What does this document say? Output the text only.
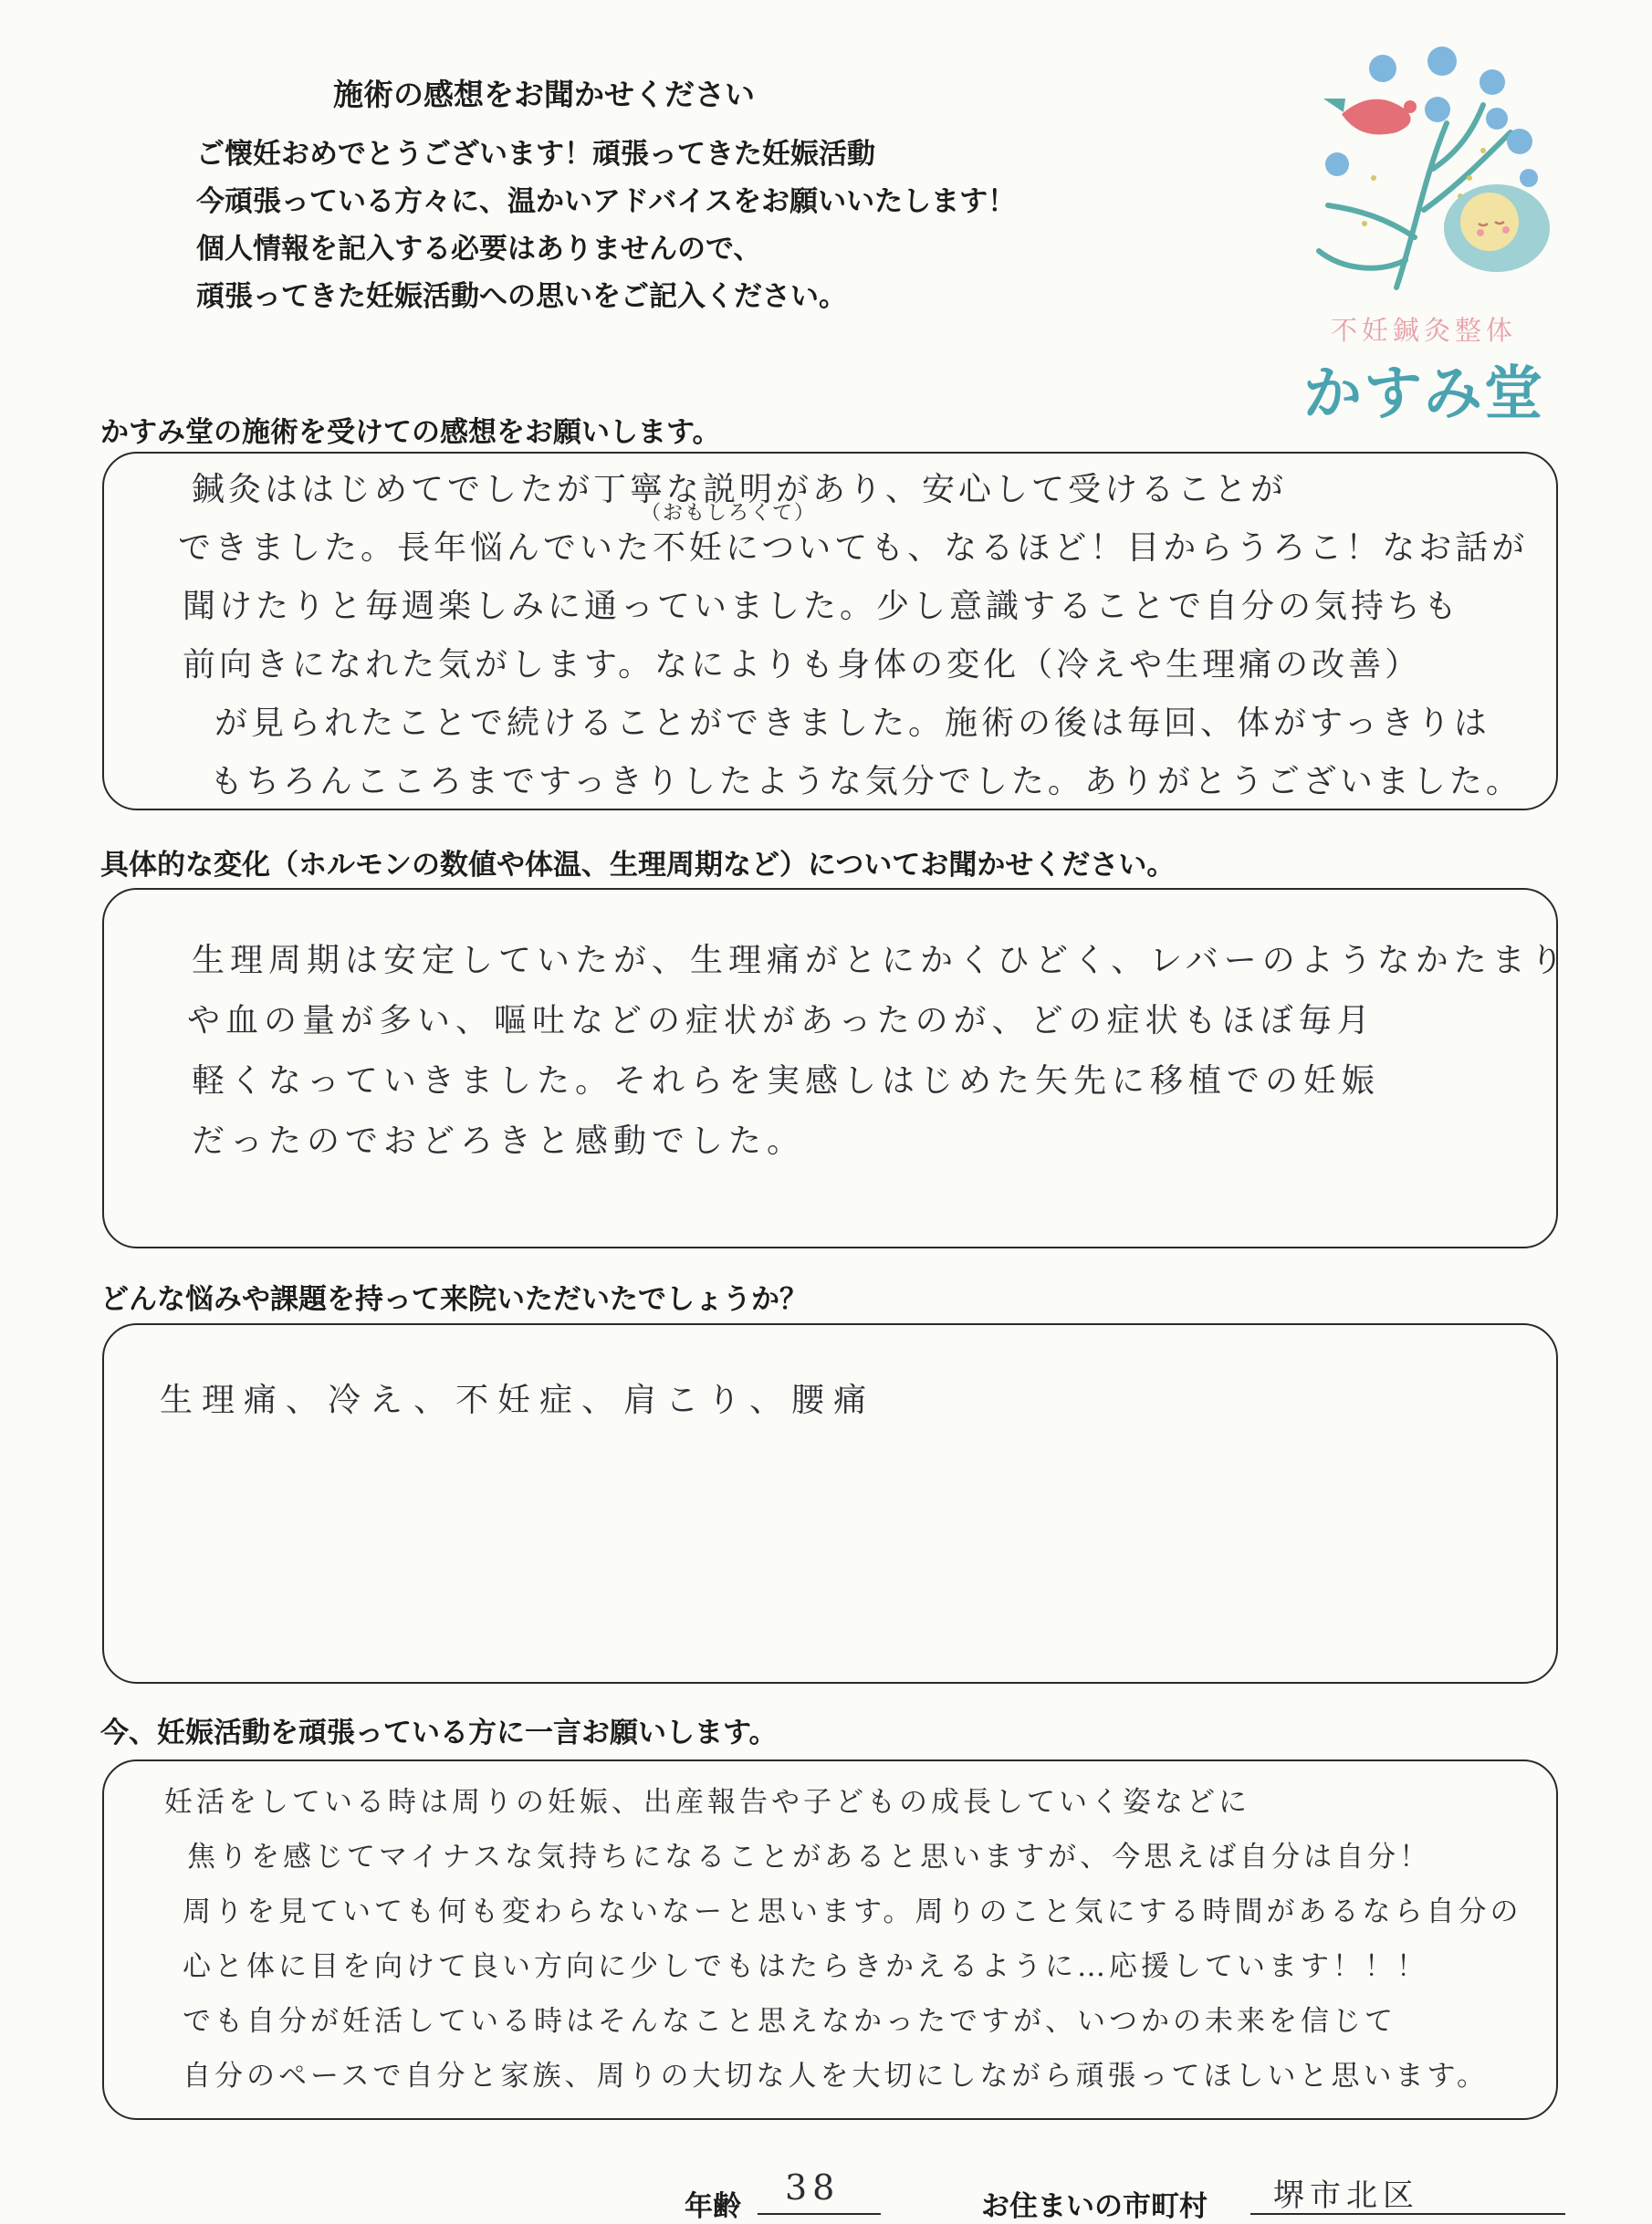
施術の感想をお聞かせください
ご懐妊おめでとうございます！頑張ってきた妊娠活動
今頑張っている方々に、温かいアドバイスをお願いいたします！
個人情報を記入する必要はありませんので、
頑張ってきた妊娠活動への思いをご記入ください。
不妊鍼灸整体
かすみ堂
かすみ堂の施術を受けての感想をお願いします。
（おもしろくて）
鍼灸ははじめてでしたが丁寧な説明があり、安心して受けることが
できました。長年悩んでいた不妊についても、なるほど！目からうろこ！なお話が
聞けたりと毎週楽しみに通っていました。少し意識することで自分の気持ちも
前向きになれた気がします。なによりも身体の変化（冷えや生理痛の改善）
が見られたことで続けることができました。施術の後は毎回、体がすっきりは
もちろんこころまですっきりしたような気分でした。ありがとうございました。
具体的な変化（ホルモンの数値や体温、生理周期など）についてお聞かせください。
生理周期は安定していたが、生理痛がとにかくひどく、レバーのようなかたまり
や血の量が多い、嘔吐などの症状があったのが、どの症状もほぼ毎月
軽くなっていきました。それらを実感しはじめた矢先に移植での妊娠
だったのでおどろきと感動でした。
どんな悩みや課題を持って来院いただいたでしょうか？
生理痛、冷え、不妊症、肩こり、腰痛
今、妊娠活動を頑張っている方に一言お願いします。
妊活をしている時は周りの妊娠、出産報告や子どもの成長していく姿などに
焦りを感じてマイナスな気持ちになることがあると思いますが、今思えば自分は自分！
周りを見ていても何も変わらないなーと思います。周りのこと気にする時間があるなら自分の
心と体に目を向けて良い方向に少しでもはたらきかえるように…応援しています！！！
でも自分が妊活している時はそんなこと思えなかったですが、いつかの未来を信じて
自分のペースで自分と家族、周りの大切な人を大切にしながら頑張ってほしいと思います。
年齢 38	お住まいの市町村 堺市北区
